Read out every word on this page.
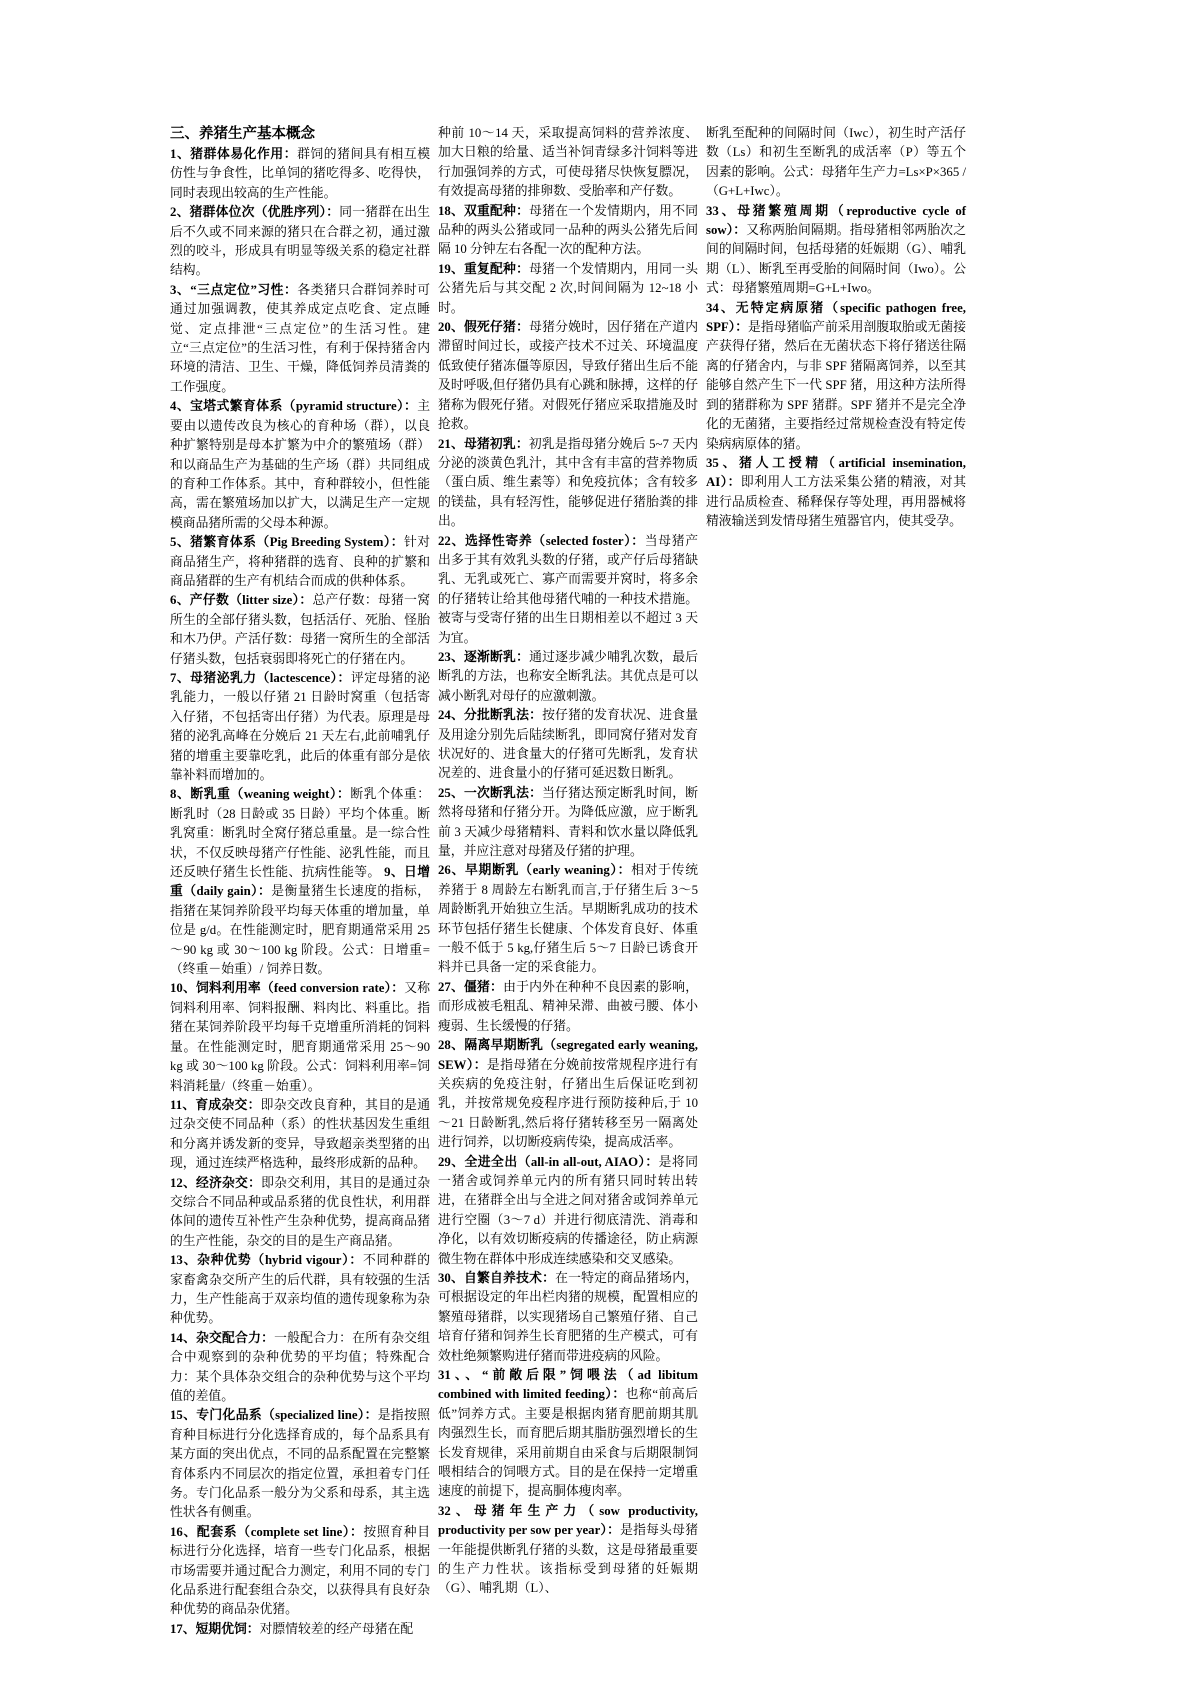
三、养猪生产基本概念

1、猪群体易化作用：群饲的猪间具有相互模仿性与争食性，比单饲的猪吃得多、吃得快，同时表现出较高的生产性能。

2、猪群体位次（优胜序列）：同一猪群在出生后不久或不同来源的猪只在合群之初，通过激烈的咬斗，形成具有明显等级关系的稳定社群结构。

3、“三点定位”习性：各类猪只合群饲养时可通过加强调教，使其养成定点吃食、定点睡觉、定点排泄“三点定位”的生活习性。建立“三点定位”的生活习性，有利于保持猪舍内环境的清洁、卫生、干燥，降低饲养员清粪的工作强度。

4、宝塔式繁育体系（pyramid structure）：主要由以遗传改良为核心的育种场（群），以良种扩繁特别是母本扩繁为中介的繁殖场（群）和以商品生产为基础的生产场（群）共同组成的育种工作体系。其中，育种群较小，但性能高，需在繁殖场加以扩大，以满足生产一定规模商品猪所需的父母本种源。

5、猪繁育体系（Pig Breeding System）：针对商品猪生产，将种猪群的选育、良种的扩繁和商品猪群的生产有机结合而成的供种体系。

6、产仔数（litter size）：总产仔数：母猪一窝所生的全部仔猪头数，包括活仔、死胎、怪胎和木乃伊。产活仔数：母猪一窝所生的全部活仔猪头数，包括衰弱即将死亡的仔猪在内。

7、母猪泌乳力（lactescence）：评定母猪的泌乳能力，一般以仔猪 21 日龄时窝重（包括寄入仔猪，不包括寄出仔猪）为代表。原理是母猪的泌乳高峰在分娩后 21 天左右,此前哺乳仔猪的增重主要靠吃乳，此后的体重有部分是依靠补料而增加的。

8、断乳重（weaning weight）：断乳个体重：断乳时（28 日龄或 35 日龄）平均个体重。断乳窝重：断乳时全窝仔猪总重量。是一综合性状，不仅反映母猪产仔性能、泌乳性能，而且还反映仔猪生长性能、抗病性能等。 9、日增重（daily gain）：是衡量猪生长速度的指标，指猪在某饲养阶段平均每天体重的增加量，单位是 g/d。在性能测定时，肥育期通常采用 25～90 kg 或 30～100 kg 阶段。公式：日增重=（终重－始重）/ 饲养日数。

10、饲料利用率（feed conversion rate）：又称饲料利用率、饲料报酬、料肉比、料重比。指猪在某饲养阶段平均每千克增重所消耗的饲料量。在性能测定时，肥育期通常采用 25～90 kg 或 30～100 kg 阶段。公式：饲料利用率=饲料消耗量/（终重－始重）。

11、育成杂交：即杂交改良育种，其目的是通过杂交使不同品种（系）的性状基因发生重组和分离并诱发新的变异，导致超亲类型猪的出现，通过连续严格选种，最终形成新的品种。

12、经济杂交：即杂交利用，其目的是通过杂交综合不同品种或品系猪的优良性状，利用群体间的遗传互补性产生杂种优势，提高商品猪的生产性能，杂交的目的是生产商品猪。

13、杂种优势（hybrid vigour）：不同种群的家畜禽杂交所产生的后代群，具有较强的生活力，生产性能高于双亲均值的遗传现象称为杂种优势。

14、杂交配合力：一般配合力：在所有杂交组合中观察到的杂种优势的平均值；特殊配合力：某个具体杂交组合的杂种优势与这个平均值的差值。

15、专门化品系（specialized line）：是指按照育种目标进行分化选择育成的，每个品系具有某方面的突出优点，不同的品系配置在完整繁育体系内不同层次的指定位置，承担着专门任务。专门化品系一般分为父系和母系，其主选性状各有侧重。

16、配套系（complete set line）：按照育种目标进行分化选择，培育一些专门化品系，根据市场需要并通过配合力测定，利用不同的专门化品系进行配套组合杂交，以获得具有良好杂种优势的商品杂优猪。

17、短期优饲：对膘情较差的经产母猪在配

种前 10～14 天，采取提高饲料的营养浓度、加大日粮的给量、适当补饲青绿多汁饲料等进行加强饲养的方式，可使母猪尽快恢复膘况，有效提高母猪的排卵数、受胎率和产仔数。

18、双重配种：母猪在一个发情期内，用不同品种的两头公猪或同一品种的两头公猪先后间隔 10 分钟左右各配一次的配种方法。

19、重复配种：母猪一个发情期内，用同一头公猪先后与其交配 2 次,时间间隔为 12~18 小时。

20、假死仔猪：母猪分娩时，因仔猪在产道内滞留时间过长，或接产技术不过关、环境温度低致使仔猪冻僵等原因，导致仔猪出生后不能及时呼吸,但仔猪仍具有心跳和脉搏，这样的仔猪称为假死仔猪。对假死仔猪应采取措施及时抢救。

21、母猪初乳：初乳是指母猪分娩后 5~7 天内分泌的淡黄色乳汁，其中含有丰富的营养物质（蛋白质、维生素等）和免疫抗体；含有较多的镁盐，具有轻泻性，能够促进仔猪胎粪的排出。

22、选择性寄养（selected foster）：当母猪产出多于其有效乳头数的仔猪，或产仔后母猪缺乳、无乳或死亡、寡产而需要并窝时，将多余的仔猪转让给其他母猪代哺的一种技术措施。被寄与受寄仔猪的出生日期相差以不超过 3 天为宜。

23、逐渐断乳：通过逐步减少哺乳次数，最后断乳的方法，也称安全断乳法。其优点是可以减小断乳对母仔的应激刺激。

24、分批断乳法：按仔猪的发育状况、进食量及用途分别先后陆续断乳，即同窝仔猪对发育状况好的、进食量大的仔猪可先断乳，发育状况差的、进食量小的仔猪可延迟数日断乳。

25、一次断乳法：当仔猪达预定断乳时间，断然将母猪和仔猪分开。为降低应激，应于断乳前 3 天减少母猪精料、青料和饮水量以降低乳量，并应注意对母猪及仔猪的护理。

26、早期断乳（early weaning）：相对于传统养猪于 8 周龄左右断乳而言,于仔猪生后 3～5 周龄断乳开始独立生活。早期断乳成功的技术环节包括仔猪生长健康、个体发育良好、体重一般不低于 5 kg,仔猪生后 5～7 日龄已诱食开料并已具备一定的采食能力。

27、僵猪：由于内外在种种不良因素的影响，而形成被毛粗乱、精神呆滞、曲被弓腰、体小瘦弱、生长缓慢的仔猪。

28、隔离早期断乳（segregated early weaning, SEW）：是指母猪在分娩前按常规程序进行有关疾病的免疫注射，仔猪出生后保证吃到初乳，并按常规免疫程序进行预防接种后,于 10～21 日龄断乳,然后将仔猪转移至另一隔离处进行饲养，以切断疫病传染，提高成活率。

29、全进全出（all-in all-out, AIAO）：是将同一猪舍或饲养单元内的所有猪只同时转出转进，在猪群全出与全进之间对猪舍或饲养单元进行空圈（3～7 d）并进行彻底清洗、消毒和净化，以有效切断疫病的传播途径，防止病源微生物在群体中形成连续感染和交叉感染。

30、自繁自养技术：在一特定的商品猪场内，可根据设定的年出栏肉猪的规模，配置相应的繁殖母猪群，以实现猪场自己繁殖仔猪、自己培育仔猪和饲养生长育肥猪的生产模式，可有效杜绝频繁购进仔猪而带进疫病的风险。

31、、“前敞后限”饲喂法（ad libitum combined with limited feeding）：也称“前高后低”饲养方式。主要是根据肉猪育肥前期其肌肉强烈生长，而育肥后期其脂肪强烈增长的生长发育规律，采用前期自由采食与后期限制饲喂相结合的饲喂方式。目的是在保持一定增重速度的前提下，提高胴体瘦肉率。

32、母猪年生产力（sow productivity, productivity per sow per year）：是指每头母猪一年能提供断乳仔猪的头数，这是母猪最重要的生产力性状。该指标受到母猪的妊娠期（G）、哺乳期（L）、

断乳至配种的间隔时间（Iwc），初生时产活仔数（Ls）和初生至断乳的成活率（P）等五个因素的影响。公式：母猪年生产力=Ls×P×365 /（G+L+Iwc）。

33、母猪繁殖周期（reproductive cycle of sow）：又称两胎间隔期。指母猪相邻两胎次之间的间隔时间，包括母猪的妊娠期（G）、哺乳期（L）、断乳至再受胎的间隔时间（Iwo）。公式：母猪繁殖周期=G+L+Iwo。

34、无特定病原猪（specific pathogen free, SPF）：是指母猪临产前采用剖腹取胎或无菌接产获得仔猪，然后在无菌状态下将仔猪送往隔离的仔猪舍内，与非 SPF 猪隔离饲养，以至其能够自然产生下一代 SPF 猪，用这种方法所得到的猪群称为 SPF 猪群。SPF 猪并不是完全净化的无菌猪，主要指经过常规检查没有特定传染病病原体的猪。

35、猪人工授精（artificial insemination, AI）：即利用人工方法采集公猪的精液，对其进行品质检查、稀释保存等处理，再用器械将精液输送到发情母猪生殖器官内，使其受孕。
